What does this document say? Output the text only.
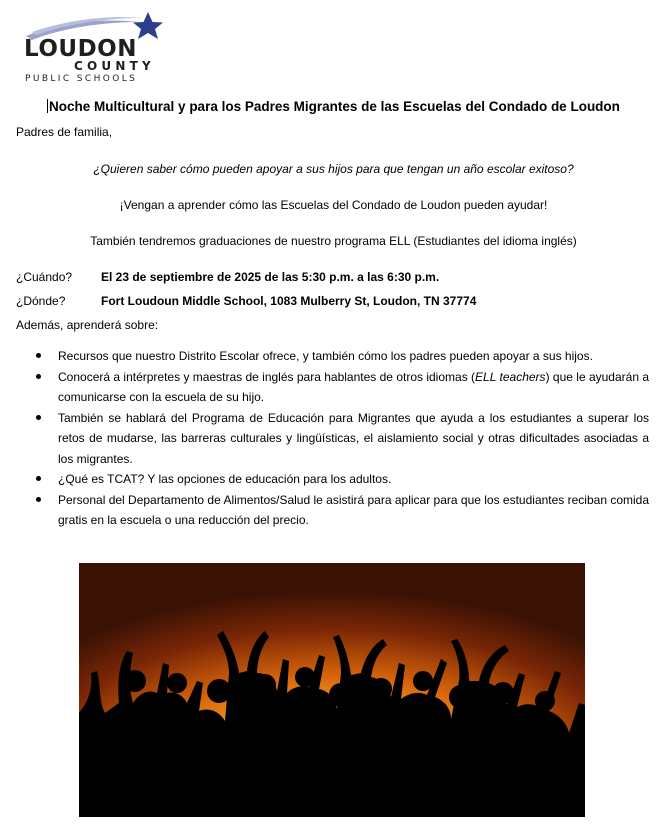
LOUDON
COUNTY
PUBLIC SCHOOLS
Noche Multicultural y para los Padres Migrantes de las Escuelas del Condado de Loudon
Padres de familia,
¿Quieren saber cómo pueden apoyar a sus hijos para que tengan un año escolar exitoso?
¡Vengan a aprender cómo las Escuelas del Condado de Loudon pueden ayudar!
También tendremos graduaciones de nuestro programa ELL (Estudiantes del idioma inglés)
¿Cuándo? El 23 de septiembre de 2025 de las 5:30 p.m. a las 6:30 p.m.
¿Dónde?	Fort Loudoun Middle School, 1083 Mulberry St, Loudon, TN 37774
Además, aprenderá sobre:
Recursos que nuestro Distrito Escolar ofrece, y también cómo los padres pueden apoyar a sus hijos.
Conocerá a intérpretes y maestras de inglés para hablantes de otros idiomas (ELL teachers) que le ayudarán a comunicarse con la escuela de su hijo.
También se hablará del Programa de Educación para Migrantes que ayuda a los estudiantes a superar los retos de mudarse, las barreras culturales y lingüísticas, el aislamiento social y otras dificultades asociadas a los migrantes.
¿Qué es TCAT? Y las opciones de educación para los adultos.
Personal del Departamento de Alimentos/Salud le asistirá para aplicar para que los estudiantes reciban comida gratis en la escuela o una reducción del precio.
